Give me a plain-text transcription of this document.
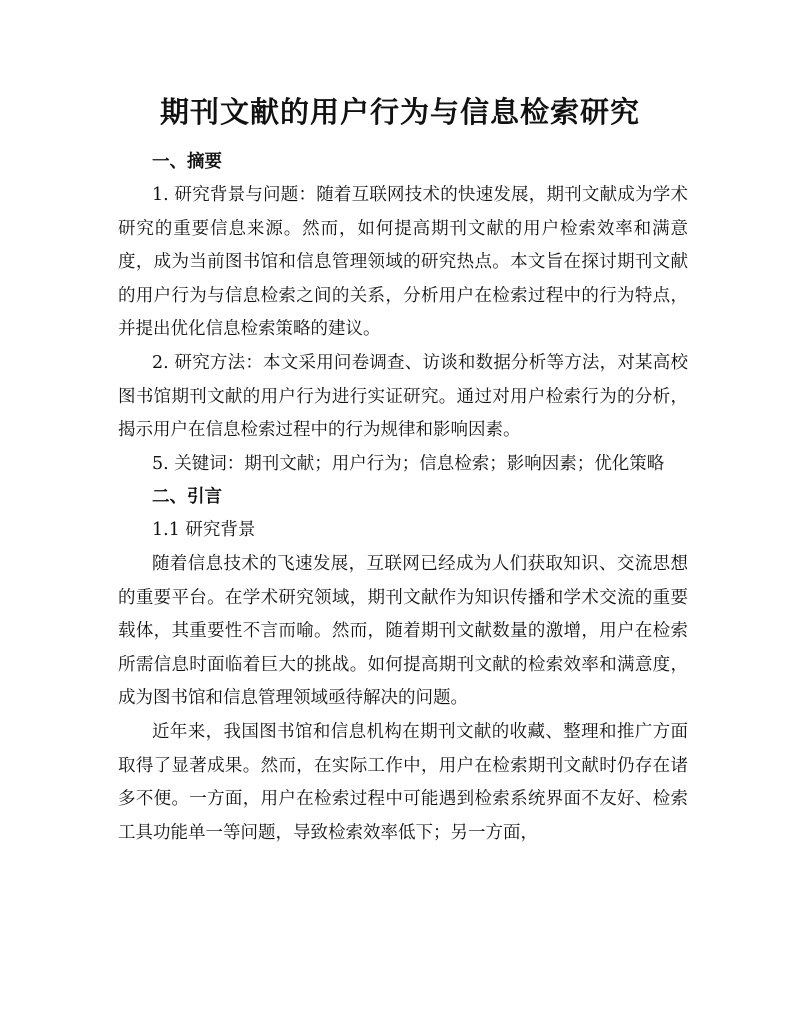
期刊文献的用户行为与信息检索研究
一、摘要

1. 研究背景与问题：随着互联网技术的快速发展，期刊文献成为学术研究的重要信息来源。然而，如何提高期刊文献的用户检索效率和满意度，成为当前图书馆和信息管理领域的研究热点。本文旨在探讨期刊文献的用户行为与信息检索之间的关系，分析用户在检索过程中的行为特点，并提出优化信息检索策略的建议。

2. 研究方法：本文采用问卷调查、访谈和数据分析等方法，对某高校图书馆期刊文献的用户行为进行实证研究。通过对用户检索行为的分析，揭示用户在信息检索过程中的行为规律和影响因素。

5. 关键词：期刊文献；用户行为；信息检索；影响因素；优化策略

二、引言

1.1 研究背景

随着信息技术的飞速发展，互联网已经成为人们获取知识、交流思想的重要平台。在学术研究领域，期刊文献作为知识传播和学术交流的重要载体，其重要性不言而喻。然而，随着期刊文献数量的激增，用户在检索所需信息时面临着巨大的挑战。如何提高期刊文献的检索效率和满意度，成为图书馆和信息管理领域亟待解决的问题。

近年来，我国图书馆和信息机构在期刊文献的收藏、整理和推广方面取得了显著成果。然而，在实际工作中，用户在检索期刊文献时仍存在诸多不便。一方面，用户在检索过程中可能遇到检索系统界面不友好、检索工具功能单一等问题，导致检索效率低下；另一方面，
